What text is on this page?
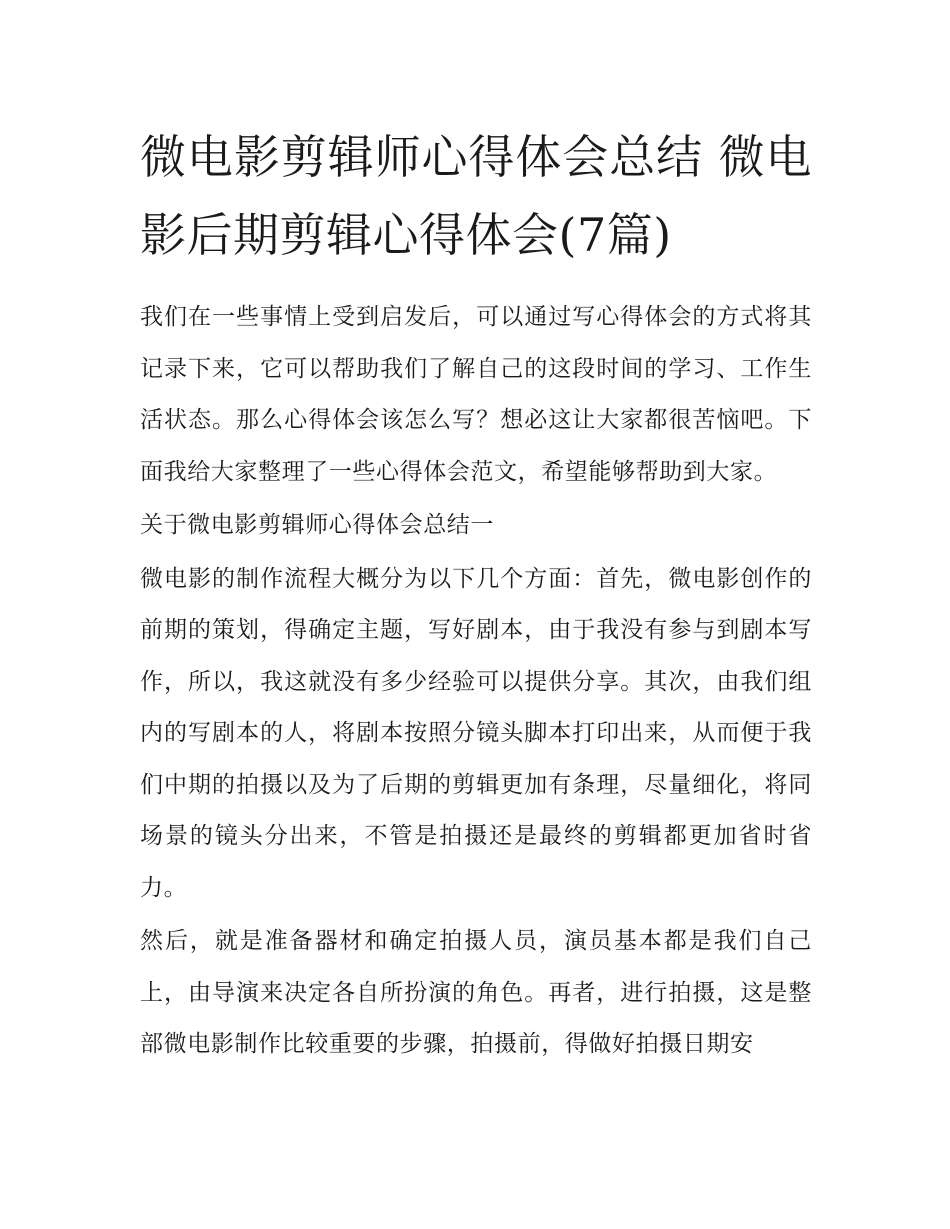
微电影剪辑师心得体会总结 微电影后期剪辑心得体会(7篇)

我们在一些事情上受到启发后，可以通过写心得体会的方式将其记录下来，它可以帮助我们了解自己的这段时间的学习、工作生活状态。那么心得体会该怎么写？想必这让大家都很苦恼吧。下面我给大家整理了一些心得体会范文，希望能够帮助到大家。

关于微电影剪辑师心得体会总结一

微电影的制作流程大概分为以下几个方面：首先，微电影创作的前期的策划，得确定主题，写好剧本，由于我没有参与到剧本写作，所以，我这就没有多少经验可以提供分享。其次，由我们组内的写剧本的人，将剧本按照分镜头脚本打印出来，从而便于我们中期的拍摄以及为了后期的剪辑更加有条理，尽量细化，将同场景的镜头分出来，不管是拍摄还是最终的剪辑都更加省时省力。

然后，就是准备器材和确定拍摄人员，演员基本都是我们自己上，由导演来决定各自所扮演的角色。再者，进行拍摄，这是整部微电影制作比较重要的步骤，拍摄前，得做好拍摄日期安
